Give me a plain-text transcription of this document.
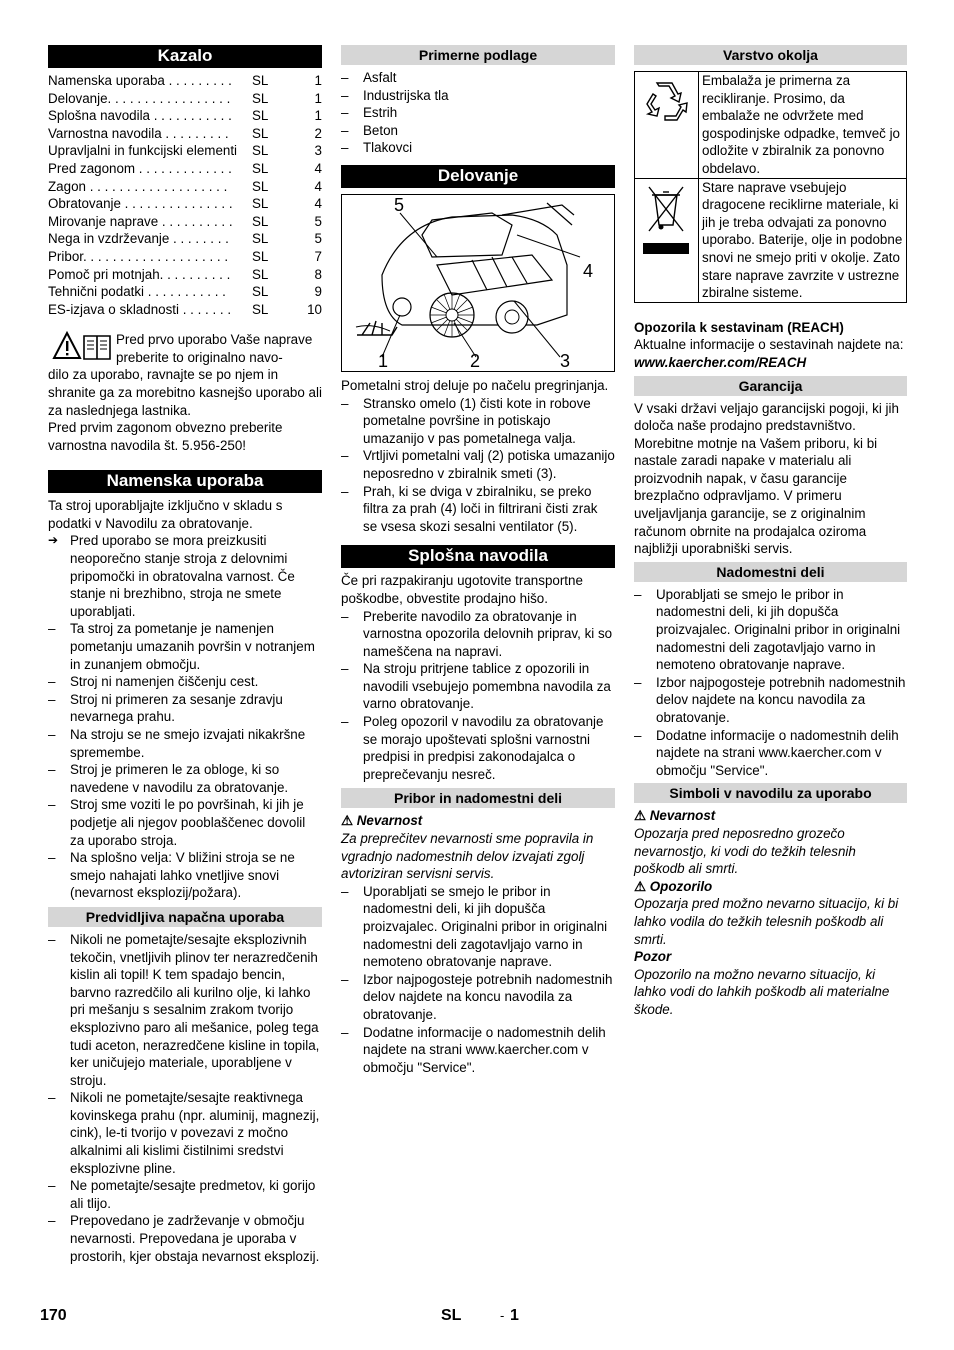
Kazalo
Namenska uporaba . . . . . . . . .	SL	1
Delovanje. . . . . . . . . . . . . . . . .	SL	1
Splošna navodila . . . . . . . . . . .	SL	1
Varnostna navodila . . . . . . . . .	SL	2
Upravljalni in funkcijski elementi	SL	3
Pred zagonom . . . . . . . . . . . . .	SL	4
Zagon . . . . . . . . . . . . . . . . . . .	SL	4
Obratovanje . . . . . . . . . . . . . . .	SL	4
Mirovanje naprave . . . . . . . . . .	SL	5
Nega in vzdrževanje . . . . . . . .	SL	5
Pribor. . . . . . . . . . . . . . . . . . . .	SL	7
Pomoč pri motnjah. . . . . . . . . .	SL	8
Tehnični podatki . . . . . . . . . . .	SL	9
ES-izjava o skladnosti . . . . . . .	SL	10

Pred prvo uporabo Vaše naprave preberite to originalno navo-

dilo za uporabo, ravnajte se po njem in shranite ga za morebitno kasnejšo uporabo ali za naslednjega lastnika.

Pred prvim zagonom obvezno preberite varnostna navodila št. 5.956-250!

Namenska uporaba

Ta stroj uporabljajte izključno v skladu s podatki v Navodilu za obratovanje.

➔ Pred uporabo se mora preizkusiti neoporečno stanje stroja z delovnimi pripomočki in obratovalna varnost. Če stanje ni brezhibno, stroja ne smete uporabljati.
– Ta stroj za pometanje je namenjen pometanju umazanih površin v notranjem in zunanjem območju.
– Stroj ni namenjen čiščenju cest.
– Stroj ni primeren za sesanje zdravju nevarnega prahu.
– Na stroju se ne smejo izvajati nikakršne spremembe.
– Stroj je primeren le za obloge, ki so navedene v navodilu za obratovanje.
– Stroj sme voziti le po površinah, ki jih je podjetje ali njegov pooblaščenec dovolil za uporabo stroja.
– Na splošno velja: V bližini stroja se ne smejo nahajati lahko vnetljive snovi (nevarnost eksplozij/požara).
Predvidljiva napačna uporaba
– Nikoli ne pometajte/sesajte eksplozivnih tekočin, vnetljivih plinov ter nerazredčenih kislin ali topil! K tem spadajo bencin, barvno razredčilo ali kurilno olje, ki lahko pri mešanju s sesalnim zrakom tvorijo eksplozivno paro ali mešanice, poleg tega tudi aceton, nerazredčene kisline in topila, ker uničujejo materiale, uporabljene v stroju.
– Nikoli ne pometajte/sesajte reaktivnega kovinskega prahu (npr. aluminij, magnezij, cink), le-ti tvorijo v povezavi z močno alkalnimi ali kislimi čistilnimi sredstvi eksplozivne pline.
– Ne pometajte/sesajte predmetov, ki gorijo ali tlijo.
– Prepovedano je zadrževanje v območju nevarnosti. Prepovedana je uporaba v prostorih, kjer obstaja nevarnost eksplozij.
Primerne podlage
– Asfalt
– Industrijska tla
– Estrih
– Beton
– Tlakovci
Delovanje
5
4
1	2	3

Pometalni stroj deluje po načelu pregrinjanja.

– Stransko omelo (1) čisti kote in robove pometalne površine in potiskajo umazanijo v pas pometalnega valja.
– Vrtljivi pometalni valj (2) potiska umazanijo neposredno v zbiralnik smeti (3).
– Prah, ki se dviga v zbiralniku, se preko filtra za prah (4) loči in filtrirani čisti zrak se vsesa skozi sesalni ventilator (5).
Splošna navodila

Če pri razpakiranju ugotovite transportne poškodbe, obvestite prodajno hišo.

– Preberite navodilo za obratovanje in varnostna opozorila delovnih priprav, ki so nameščena na napravi.
– Na stroju pritrjene tablice z opozorili in navodili vsebujejo pomembna navodila za varno obratovanje.
– Poleg opozoril v navodilu za obratovanje se morajo upoštevati splošni varnostni predpisi in predpisi zakonodajalca o preprečevanju nesreč.
Pribor in nadomestni deli

⚠ Nevarnost

Za preprečitev nevarnosti sme popravila in vgradnjo nadomestnih delov izvajati zgolj avtoriziran servisni servis.

– Uporabljati se smejo le pribor in nadomestni deli, ki jih dopušča proizvajalec. Originalni pribor in originalni nadomestni deli zagotavljajo varno in nemoteno obratovanje naprave.
– Izbor najpogosteje potrebnih nadomestnih delov najdete na koncu navodila za obratovanje.
– Dodatne informacije o nadomestnih delih najdete na strani www.kaercher.com v območju "Service".
Varstvo okolja
Embalaža je primerna za recikliranje. Prosimo, da embalaže ne odvržete med gospodinjske odpadke, temveč jo odložite v zbiralnik za ponovno obdelavo.
Stare naprave vsebujejo dragocene reciklirne materiale, ki jih je treba odvajati za ponovno uporabo. Baterije, olje in podobne snovi ne smejo priti v okolje. Zato stare naprave zavrzite v ustrezne zbiralne sisteme.

Opozorila k sestavinam (REACH)

Aktualne informacije o sestavinah najdete na:

www.kaercher.com/REACH

Garancija

V vsaki državi veljajo garancijski pogoji, ki jih določa naše prodajno predstavništvo. Morebitne motnje na Vašem priboru, ki bi nastale zaradi napake v materialu ali proizvodnih napak, v času garancije brezplačno odpravljamo. V primeru uveljavljanja garancije, se z originalnim računom obrnite na prodajalca oziroma najbližji uporabniški servis.

Nadomestni deli
– Uporabljati se smejo le pribor in nadomestni deli, ki jih dopušča proizvajalec. Originalni pribor in originalni nadomestni deli zagotavljajo varno in nemoteno obratovanje naprave.
– Izbor najpogosteje potrebnih nadomestnih delov najdete na koncu navodila za obratovanje.
– Dodatne informacije o nadomestnih delih najdete na strani www.kaercher.com v območju "Service".
Simboli v navodilu za uporabo

⚠ Nevarnost

Opozarja pred neposredno grozečo nevarnostjo, ki vodi do težkih telesnih poškodb ali smrti.

⚠ Opozorilo

Opozarja pred možno nevarno situacijo, ki bi lahko vodila do težkih telesnih poškodb ali smrti.

Pozor

Opozorilo na možno nevarno situacijo, ki lahko vodi do lahkih poškodb ali materialne škode.

170	SL	- 1
